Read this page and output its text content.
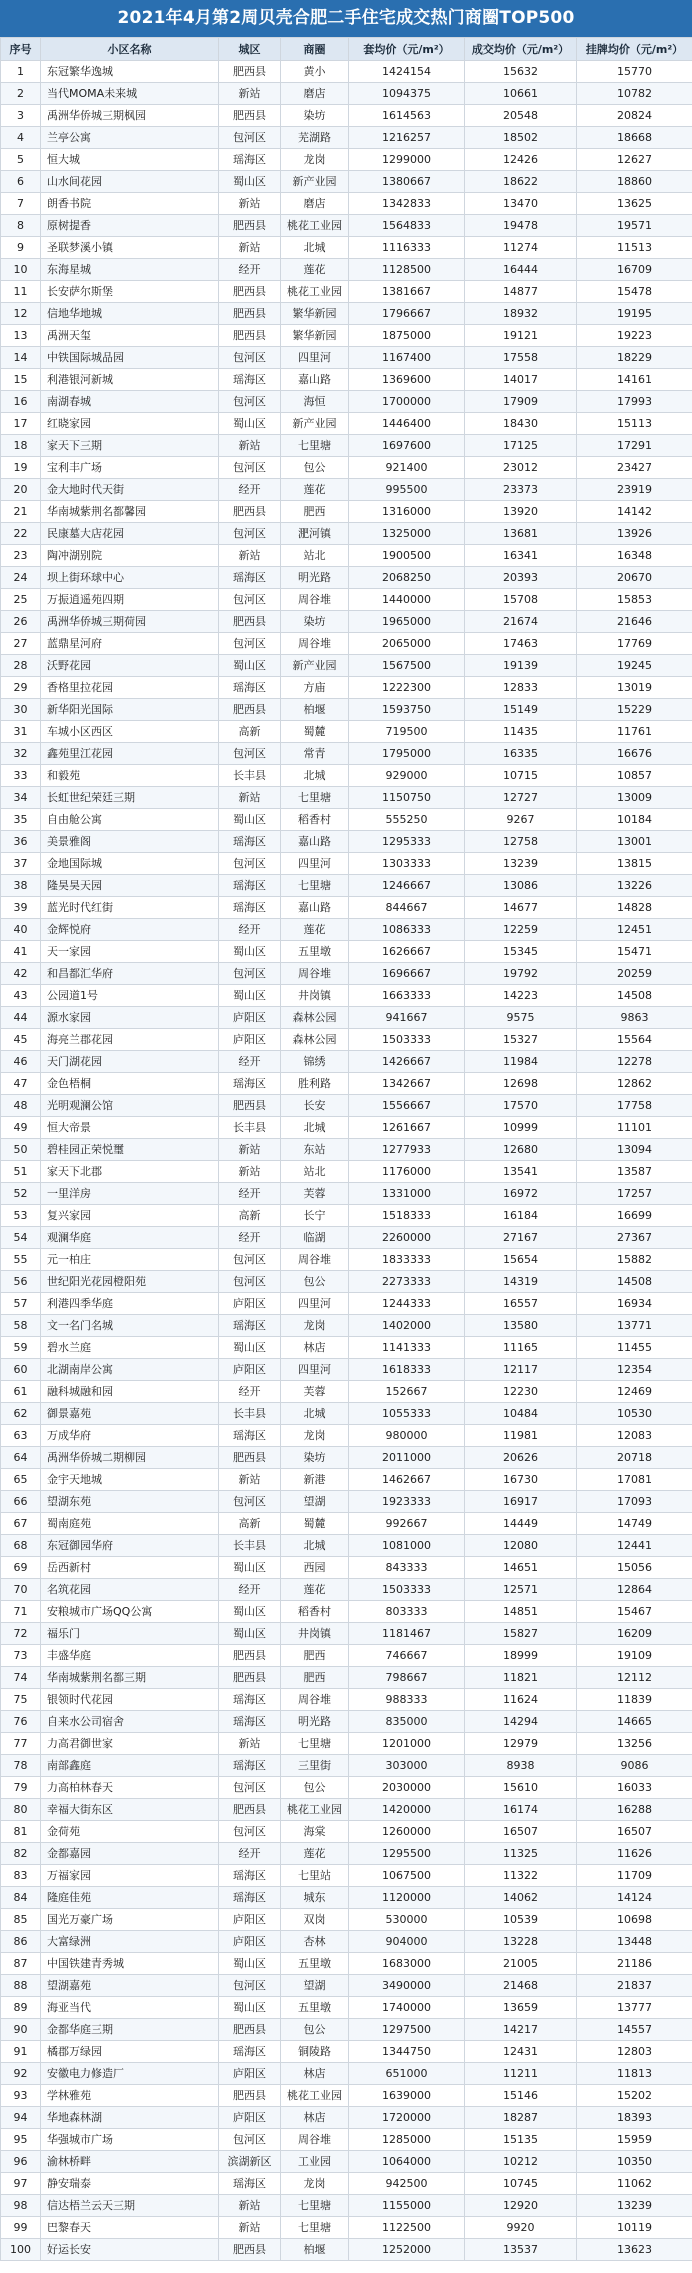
2021年4月第2周贝壳合肥二手住宅成交热门商圈TOP500
序号	小区名称	城区	商圈	套均价（元/m²）	成交均价（元/m²）	挂牌均价（元/m²）
1	东冠繁华逸城	肥西县	黄小	1424154	15632	15770
2	当代MOMA未来城	新站	磨店	1094375	10661	10782
3	禹洲华侨城三期枫园	肥西县	染坊	1614563	20548	20824
4	兰亭公寓	包河区	芜湖路	1216257	18502	18668
5	恒大城	瑶海区	龙岗	1299000	12426	12627
6	山水间花园	蜀山区	新产业园	1380667	18622	18860
7	朗香书院	新站	磨店	1342833	13470	13625
8	原树提香	肥西县	桃花工业园	1564833	19478	19571
9	圣联梦溪小镇	新站	北城	1116333	11274	11513
10	东海星城	经开	莲花	1128500	16444	16709
11	长安萨尔斯堡	肥西县	桃花工业园	1381667	14877	15478
12	信地华地城	肥西县	繁华新园	1796667	18932	19195
13	禹洲天玺	肥西县	繁华新园	1875000	19121	19223
14	中铁国际城品园	包河区	四里河	1167400	17558	18229
15	利港银河新城	瑶海区	嘉山路	1369600	14017	14161
16	南湖春城	包河区	海恒	1700000	17909	17993
17	红晓家园	蜀山区	新产业园	1446400	18430	15113
18	家天下三期	新站	七里塘	1697600	17125	17291
19	宝利丰广场	包河区	包公	921400	23012	23427
20	金大地时代天街	经开	莲花	995500	23373	23919
21	华南城紫荆名都馨园	肥西县	肥西	1316000	13920	14142
22	民康墓大店花园	包河区	淝河镇	1325000	13681	13926
23	陶冲湖别院	新站	站北	1900500	16341	16348
24	坝上街环球中心	瑶海区	明光路	2068250	20393	20670
25	万振逍遥苑四期	包河区	周谷堆	1440000	15708	15853
26	禹洲华侨城三期荷园	肥西县	染坊	1965000	21674	21646
27	蓝鼎星河府	包河区	周谷堆	2065000	17463	17769
28	沃野花园	蜀山区	新产业园	1567500	19139	19245
29	香格里拉花园	瑶海区	方庙	1222300	12833	13019
30	新华阳光国际	肥西县	柏堰	1593750	15149	15229
31	车城小区西区	高新	蜀麓	719500	11435	11761
32	鑫苑里江花园	包河区	常青	1795000	16335	16676
33	和毅苑	长丰县	北城	929000	10715	10857
34	长虹世纪荣廷三期	新站	七里塘	1150750	12727	13009
35	自由舱公寓	蜀山区	稻香村	555250	9267	10184
36	美景雅阁	瑶海区	嘉山路	1295333	12758	13001
37	金地国际城	包河区	四里河	1303333	13239	13815
38	隆昊昊天园	瑶海区	七里塘	1246667	13086	13226
39	蓝光时代红街	瑶海区	嘉山路	844667	14677	14828
40	金辉悦府	经开	莲花	1086333	12259	12451
41	天一家园	蜀山区	五里墩	1626667	15345	15471
42	和昌都汇华府	包河区	周谷堆	1696667	19792	20259
43	公园道1号	蜀山区	井岗镇	1663333	14223	14508
44	源水家园	庐阳区	森林公园	941667	9575	9863
45	海亮兰郡花园	庐阳区	森林公园	1503333	15327	15564
46	天门湖花园	经开	锦绣	1426667	11984	12278
47	金色梧桐	瑶海区	胜利路	1342667	12698	12862
48	光明观澜公馆	肥西县	长安	1556667	17570	17758
49	恒大帝景	长丰县	北城	1261667	10999	11101
50	碧桂园正荣悦璽	新站	东站	1277933	12680	13094
51	家天下北郡	新站	站北	1176000	13541	13587
52	一里洋房	经开	芙蓉	1331000	16972	17257
53	复兴家园	高新	长宁	1518333	16184	16699
54	观澜华庭	经开	临湖	2260000	27167	27367
55	元一柏庄	包河区	周谷堆	1833333	15654	15882
56	世纪阳光花园橙阳苑	包河区	包公	2273333	14319	14508
57	利港四季华庭	庐阳区	四里河	1244333	16557	16934
58	文一名门名城	瑶海区	龙岗	1402000	13580	13771
59	碧水兰庭	蜀山区	林店	1141333	11165	11455
60	北湖南岸公寓	庐阳区	四里河	1618333	12117	12354
61	融科城融和园	经开	芙蓉	152667	12230	12469
62	御景嘉苑	长丰县	北城	1055333	10484	10530
63	万成华府	瑶海区	龙岗	980000	11981	12083
64	禹洲华侨城二期柳园	肥西县	染坊	2011000	20626	20718
65	金宇天地城	新站	新港	1462667	16730	17081
66	望湖东苑	包河区	望湖	1923333	16917	17093
67	蜀南庭苑	高新	蜀麓	992667	14449	14749
68	东冠御园华府	长丰县	北城	1081000	12080	12441
69	岳西新村	蜀山区	西园	843333	14651	15056
70	名筑花园	经开	莲花	1503333	12571	12864
71	安粮城市广场QQ公寓	蜀山区	稻香村	803333	14851	15467
72	福乐门	蜀山区	井岗镇	1181467	15827	16209
73	丰盛华庭	肥西县	肥西	746667	18999	19109
74	华南城紫荆名都三期	肥西县	肥西	798667	11821	12112
75	银领时代花园	瑶海区	周谷堆	988333	11624	11839
76	自来水公司宿舍	瑶海区	明光路	835000	14294	14665
77	力高君御世家	新站	七里塘	1201000	12979	13256
78	南部鑫庭	瑶海区	三里街	303000	8938	9086
79	力高柏林春天	包河区	包公	2030000	15610	16033
80	幸福大街东区	肥西县	桃花工业园	1420000	16174	16288
81	金荷苑	包河区	海棠	1260000	16507	16507
82	金都嘉园	经开	莲花	1295500	11325	11626
83	万福家园	瑶海区	七里站	1067500	11322	11709
84	隆庭佳苑	瑶海区	城东	1120000	14062	14124
85	国光万豪广场	庐阳区	双岗	530000	10539	10698
86	大富绿洲	庐阳区	杏林	904000	13228	13448
87	中国铁建青秀城	蜀山区	五里墩	1683000	21005	21186
88	望湖嘉苑	包河区	望湖	3490000	21468	21837
89	海亚当代	蜀山区	五里墩	1740000	13659	13777
90	金都华庭三期	肥西县	包公	1297500	14217	14557
91	橘郡万绿园	瑶海区	铜陵路	1344750	12431	12803
92	安徽电力修造厂	庐阳区	林店	651000	11211	11813
93	学林雅苑	肥西县	桃花工业园	1639000	15146	15202
94	华地森林湖	庐阳区	林店	1720000	18287	18393
95	华强城市广场	包河区	周谷堆	1285000	15135	15959
96	渝林桥畔	滨湖新区	工业园	1064000	10212	10350
97	静安瑞泰	瑶海区	龙岗	942500	10745	11062
98	信达梧兰云天三期	新站	七里塘	1155000	12920	13239
99	巴黎春天	新站	七里塘	1122500	9920	10119
100	好运长安	肥西县	柏堰	1252000	13537	13623
